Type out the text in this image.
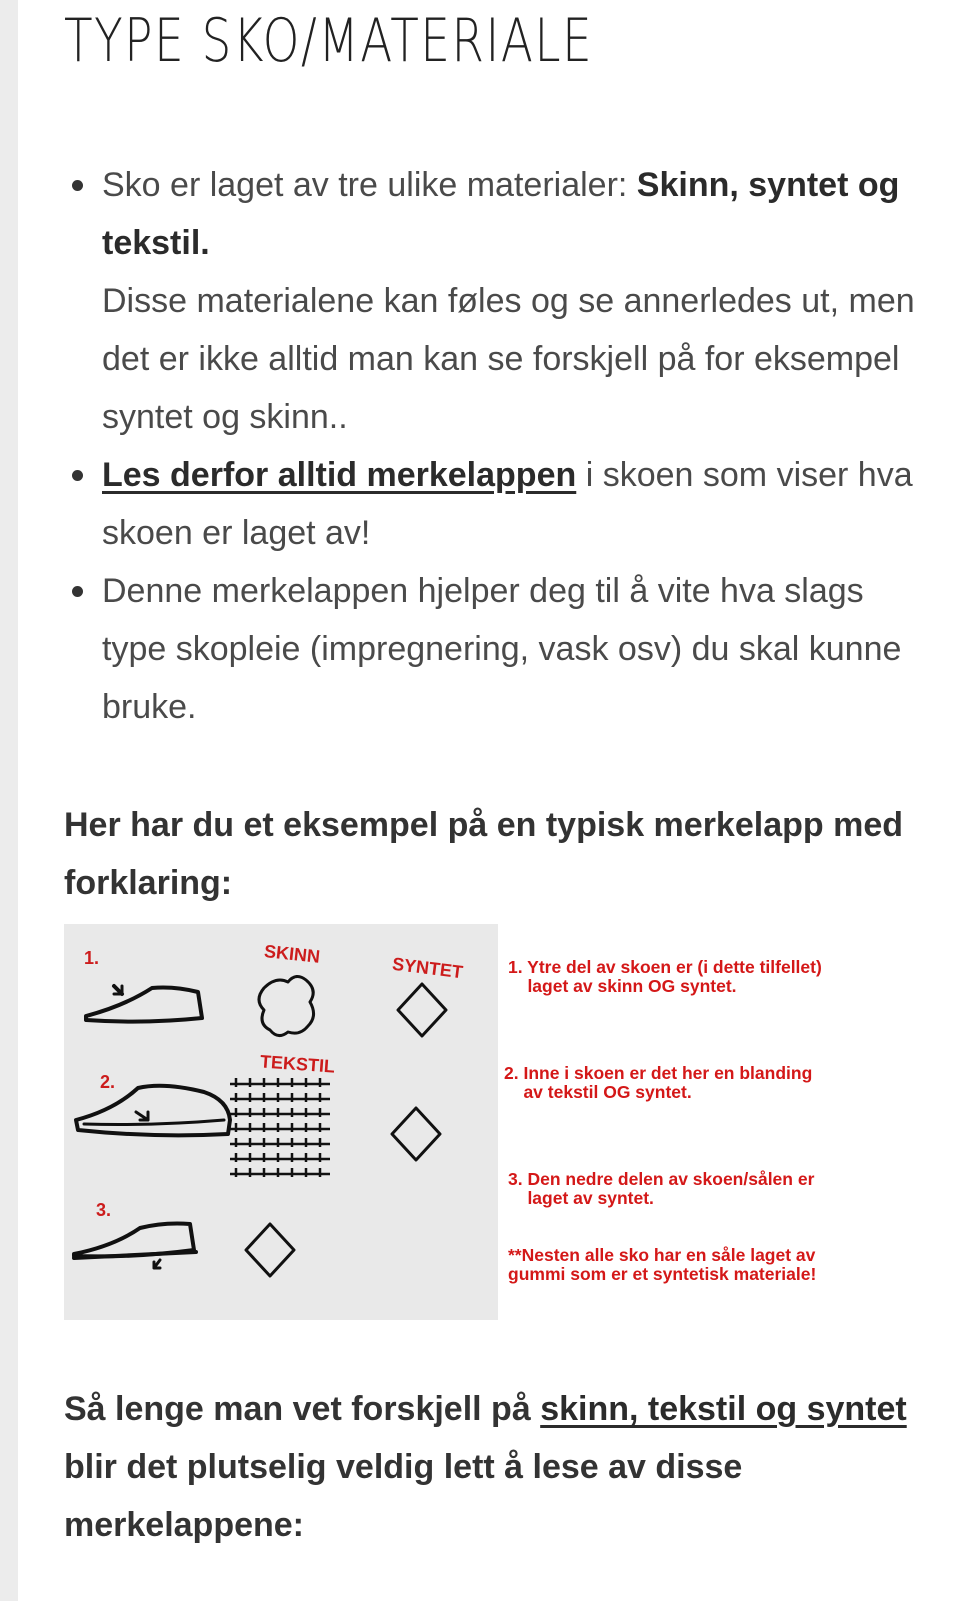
TYPE SKO/MATERIALE
Sko er laget av tre ulike materialer: Skinn, syntet og tekstil.
Disse materialene kan føles og se annerledes ut, men det er ikke alltid man kan se forskjell på for eksempel syntet og skinn..
Les derfor alltid merkelappen i skoen som viser hva skoen er laget av!
Denne merkelappen hjelper deg til å vite hva slags type skopleie (impregnering, vask osv) du skal kunne bruke.

Her har du et eksempel på en typisk merkelapp med forklaring:

1.
2.
3.
SKINN	SYNTET
TEKSTIL

1. Ytre del av skoen er (i dette tilfellet)
laget av skinn OG syntet.

2. Inne i skoen er det her en blanding
av tekstil OG syntet.

3. Den nedre delen av skoen/sålen er
laget av syntet.

**Nesten alle sko har en såle laget av
gummi som er et syntetisk materiale!

Så lenge man vet forskjell på skinn, tekstil og syntet blir det plutselig veldig lett å lese av disse merkelappene:
